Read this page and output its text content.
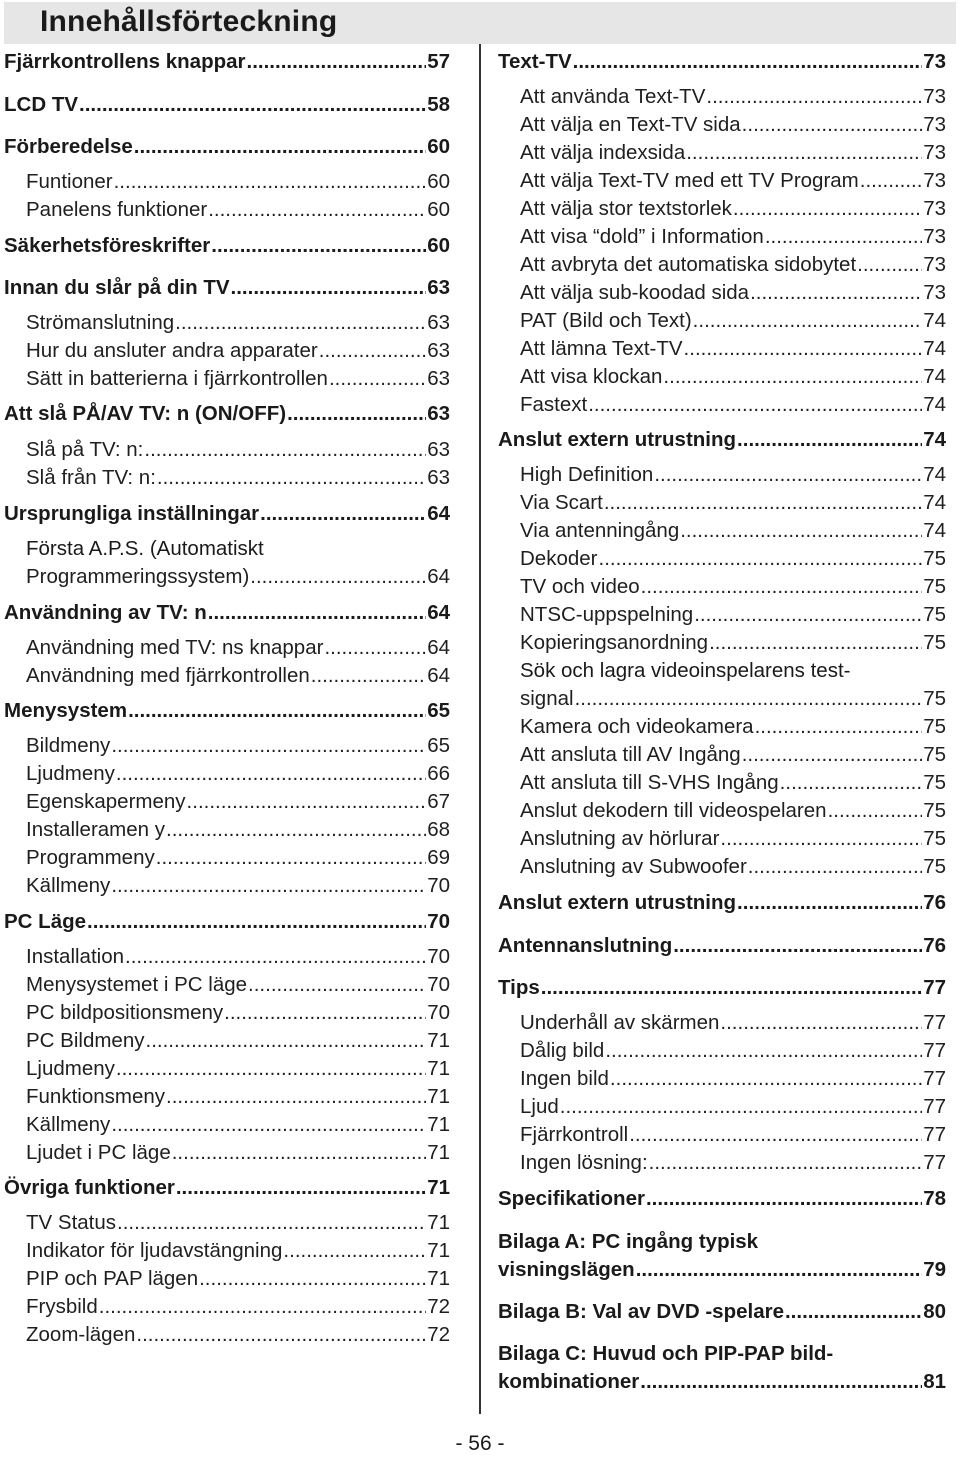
Innehållsförteckning
Fjärrkontrollens knappar .....	57
LCD TV .....	58
Förberedelse .....	60
Funtioner .....	60
Panelens funktioner .....	60
Säkerhetsföreskrifter .....	60
Innan du slår på din TV .....	63
Strömanslutning .....	63
Hur du ansluter andra apparater .....	63
Sätt in batterierna i fjärrkontrollen .....	63
Att slå PÅ/AV TV: n (ON/OFF) .....	63
Slå på TV: n: .....	63
Slå från TV: n: .....	63
Ursprungliga inställningar .....	64
Första A.P.S. (Automatiskt
Programmeringssystem) .....	64
Användning av TV: n .....	64
Användning med TV: ns knappar .....	64
Användning med fjärrkontrollen .....	64
Menysystem .....	65
Bildmeny .....	65
Ljudmeny .....	66
Egenskapermeny .....	67
Installeramen y .....	68
Programmeny .....	69
Källmeny .....	70
PC Läge .....	70
Installation .....	70
Menysystemet i PC läge .....	70
PC bildpositionsmeny .....	70
PC Bildmeny .....	71
Ljudmeny .....	71
Funktionsmeny .....	71
Källmeny .....	71
Ljudet i PC läge .....	71
Övriga funktioner .....	71
TV Status .....	71
Indikator för ljudavstängning .....	71
PIP och PAP lägen .....	71
Frysbild .....	72
Zoom-lägen .....	72
Text-TV .....	73
Att använda Text-TV .....	73
Att välja en Text-TV sida .....	73
Att välja indexsida .....	73
Att välja Text-TV med ett TV Program .....	73
Att välja stor textstorlek .....	73
Att visa “dold” i Information .....	73
Att avbryta det automatiska sidobytet .....	73
Att välja sub-koodad sida .....	73
PAT (Bild och Text) .....	74
Att lämna Text-TV .....	74
Att visa klockan .....	74
Fastext .....	74
Anslut extern utrustning .....	74
High Definition .....	74
Via Scart .....	74
Via antenningång .....	74
Dekoder .....	75
TV och video .....	75
NTSC-uppspelning .....	75
Kopieringsanordning .....	75
Sök och lagra videoinspelarens test-
signal .....	75
Kamera och videokamera .....	75
Att ansluta till AV Ingång .....	75
Att ansluta till S-VHS Ingång .....	75
Anslut dekodern till videospelaren .....	75
Anslutning av hörlurar .....	75
Anslutning av Subwoofer .....	75
Anslut extern utrustning .....	76
Antennanslutning .....	76
Tips .....	77
Underhåll av skärmen .....	77
Dålig bild .....	77
Ingen bild .....	77
Ljud .....	77
Fjärrkontroll .....	77
Ingen lösning: .....	77
Specifikationer .....	78
Bilaga A: PC ingång typisk
visningslägen .....	79
Bilaga B: Val av DVD -spelare .....	80
Bilaga C: Huvud och PIP-PAP bild-
kombinationer .....	81
- 56 -
